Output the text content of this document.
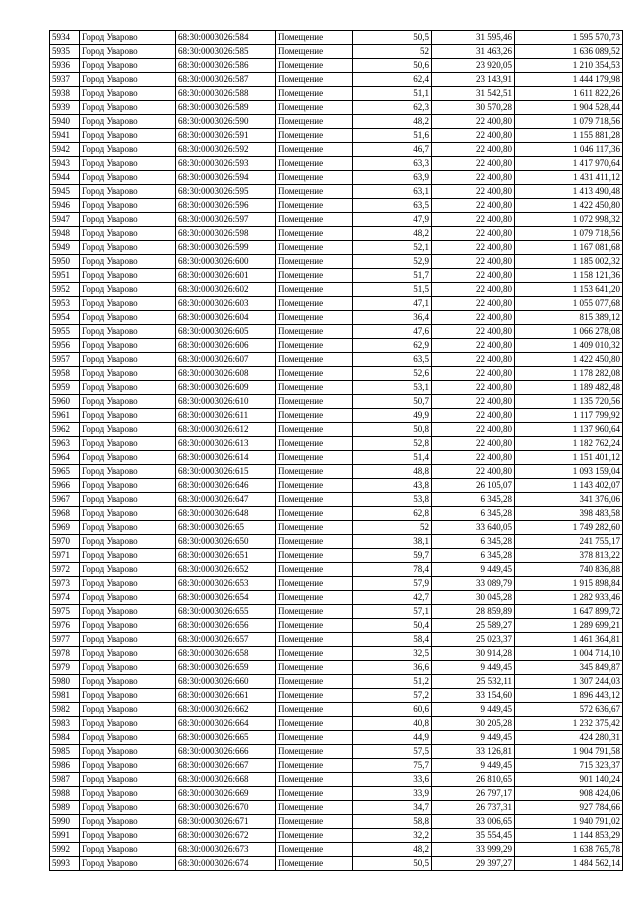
5934	Город Уварово	68:30:0003026:584	Помещение	50,5	31 595,46	1 595 570,73
5935	Город Уварово	68:30:0003026:585	Помещение	52	31 463,26	1 636 089,52
5936	Город Уварово	68:30:0003026:586	Помещение	50,6	23 920,05	1 210 354,53
5937	Город Уварово	68:30:0003026:587	Помещение	62,4	23 143,91	1 444 179,98
5938	Город Уварово	68:30:0003026:588	Помещение	51,1	31 542,51	1 611 822,26
5939	Город Уварово	68:30:0003026:589	Помещение	62,3	30 570,28	1 904 528,44
5940	Город Уварово	68:30:0003026:590	Помещение	48,2	22 400,80	1 079 718,56
5941	Город Уварово	68:30:0003026:591	Помещение	51,6	22 400,80	1 155 881,28
5942	Город Уварово	68:30:0003026:592	Помещение	46,7	22 400,80	1 046 117,36
5943	Город Уварово	68:30:0003026:593	Помещение	63,3	22 400,80	1 417 970,64
5944	Город Уварово	68:30:0003026:594	Помещение	63,9	22 400,80	1 431 411,12
5945	Город Уварово	68:30:0003026:595	Помещение	63,1	22 400,80	1 413 490,48
5946	Город Уварово	68:30:0003026:596	Помещение	63,5	22 400,80	1 422 450,80
5947	Город Уварово	68:30:0003026:597	Помещение	47,9	22 400,80	1 072 998,32
5948	Город Уварово	68:30:0003026:598	Помещение	48,2	22 400,80	1 079 718,56
5949	Город Уварово	68:30:0003026:599	Помещение	52,1	22 400,80	1 167 081,68
5950	Город Уварово	68:30:0003026:600	Помещение	52,9	22 400,80	1 185 002,32
5951	Город Уварово	68:30:0003026:601	Помещение	51,7	22 400,80	1 158 121,36
5952	Город Уварово	68:30:0003026:602	Помещение	51,5	22 400,80	1 153 641,20
5953	Город Уварово	68:30:0003026:603	Помещение	47,1	22 400,80	1 055 077,68
5954	Город Уварово	68:30:0003026:604	Помещение	36,4	22 400,80	815 389,12
5955	Город Уварово	68:30:0003026:605	Помещение	47,6	22 400,80	1 066 278,08
5956	Город Уварово	68:30:0003026:606	Помещение	62,9	22 400,80	1 409 010,32
5957	Город Уварово	68:30:0003026:607	Помещение	63,5	22 400,80	1 422 450,80
5958	Город Уварово	68:30:0003026:608	Помещение	52,6	22 400,80	1 178 282,08
5959	Город Уварово	68:30:0003026:609	Помещение	53,1	22 400,80	1 189 482,48
5960	Город Уварово	68:30:0003026:610	Помещение	50,7	22 400,80	1 135 720,56
5961	Город Уварово	68:30:0003026:611	Помещение	49,9	22 400,80	1 117 799,92
5962	Город Уварово	68:30:0003026:612	Помещение	50,8	22 400,80	1 137 960,64
5963	Город Уварово	68:30:0003026:613	Помещение	52,8	22 400,80	1 182 762,24
5964	Город Уварово	68:30:0003026:614	Помещение	51,4	22 400,80	1 151 401,12
5965	Город Уварово	68:30:0003026:615	Помещение	48,8	22 400,80	1 093 159,04
5966	Город Уварово	68:30:0003026:646	Помещение	43,8	26 105,07	1 143 402,07
5967	Город Уварово	68:30:0003026:647	Помещение	53,8	6 345,28	341 376,06
5968	Город Уварово	68:30:0003026:648	Помещение	62,8	6 345,28	398 483,58
5969	Город Уварово	68:30:0003026:65	Помещение	52	33 640,05	1 749 282,60
5970	Город Уварово	68:30:0003026:650	Помещение	38,1	6 345,28	241 755,17
5971	Город Уварово	68:30:0003026:651	Помещение	59,7	6 345,28	378 813,22
5972	Город Уварово	68:30:0003026:652	Помещение	78,4	9 449,45	740 836,88
5973	Город Уварово	68:30:0003026:653	Помещение	57,9	33 089,79	1 915 898,84
5974	Город Уварово	68:30:0003026:654	Помещение	42,7	30 045,28	1 282 933,46
5975	Город Уварово	68:30:0003026:655	Помещение	57,1	28 859,89	1 647 899,72
5976	Город Уварово	68:30:0003026:656	Помещение	50,4	25 589,27	1 289 699,21
5977	Город Уварово	68:30:0003026:657	Помещение	58,4	25 023,37	1 461 364,81
5978	Город Уварово	68:30:0003026:658	Помещение	32,5	30 914,28	1 004 714,10
5979	Город Уварово	68:30:0003026:659	Помещение	36,6	9 449,45	345 849,87
5980	Город Уварово	68:30:0003026:660	Помещение	51,2	25 532,11	1 307 244,03
5981	Город Уварово	68:30:0003026:661	Помещение	57,2	33 154,60	1 896 443,12
5982	Город Уварово	68:30:0003026:662	Помещение	60,6	9 449,45	572 636,67
5983	Город Уварово	68:30:0003026:664	Помещение	40,8	30 205,28	1 232 375,42
5984	Город Уварово	68:30:0003026:665	Помещение	44,9	9 449,45	424 280,31
5985	Город Уварово	68:30:0003026:666	Помещение	57,5	33 126,81	1 904 791,58
5986	Город Уварово	68:30:0003026:667	Помещение	75,7	9 449,45	715 323,37
5987	Город Уварово	68:30:0003026:668	Помещение	33,6	26 810,65	901 140,24
5988	Город Уварово	68:30:0003026:669	Помещение	33,9	26 797,17	908 424,06
5989	Город Уварово	68:30:0003026:670	Помещение	34,7	26 737,31	927 784,66
5990	Город Уварово	68:30:0003026:671	Помещение	58,8	33 006,65	1 940 791,02
5991	Город Уварово	68:30:0003026:672	Помещение	32,2	35 554,45	1 144 853,29
5992	Город Уварово	68:30:0003026:673	Помещение	48,2	33 999,29	1 638 765,78
5993	Город Уварово	68:30:0003026:674	Помещение	50,5	29 397,27	1 484 562,14
